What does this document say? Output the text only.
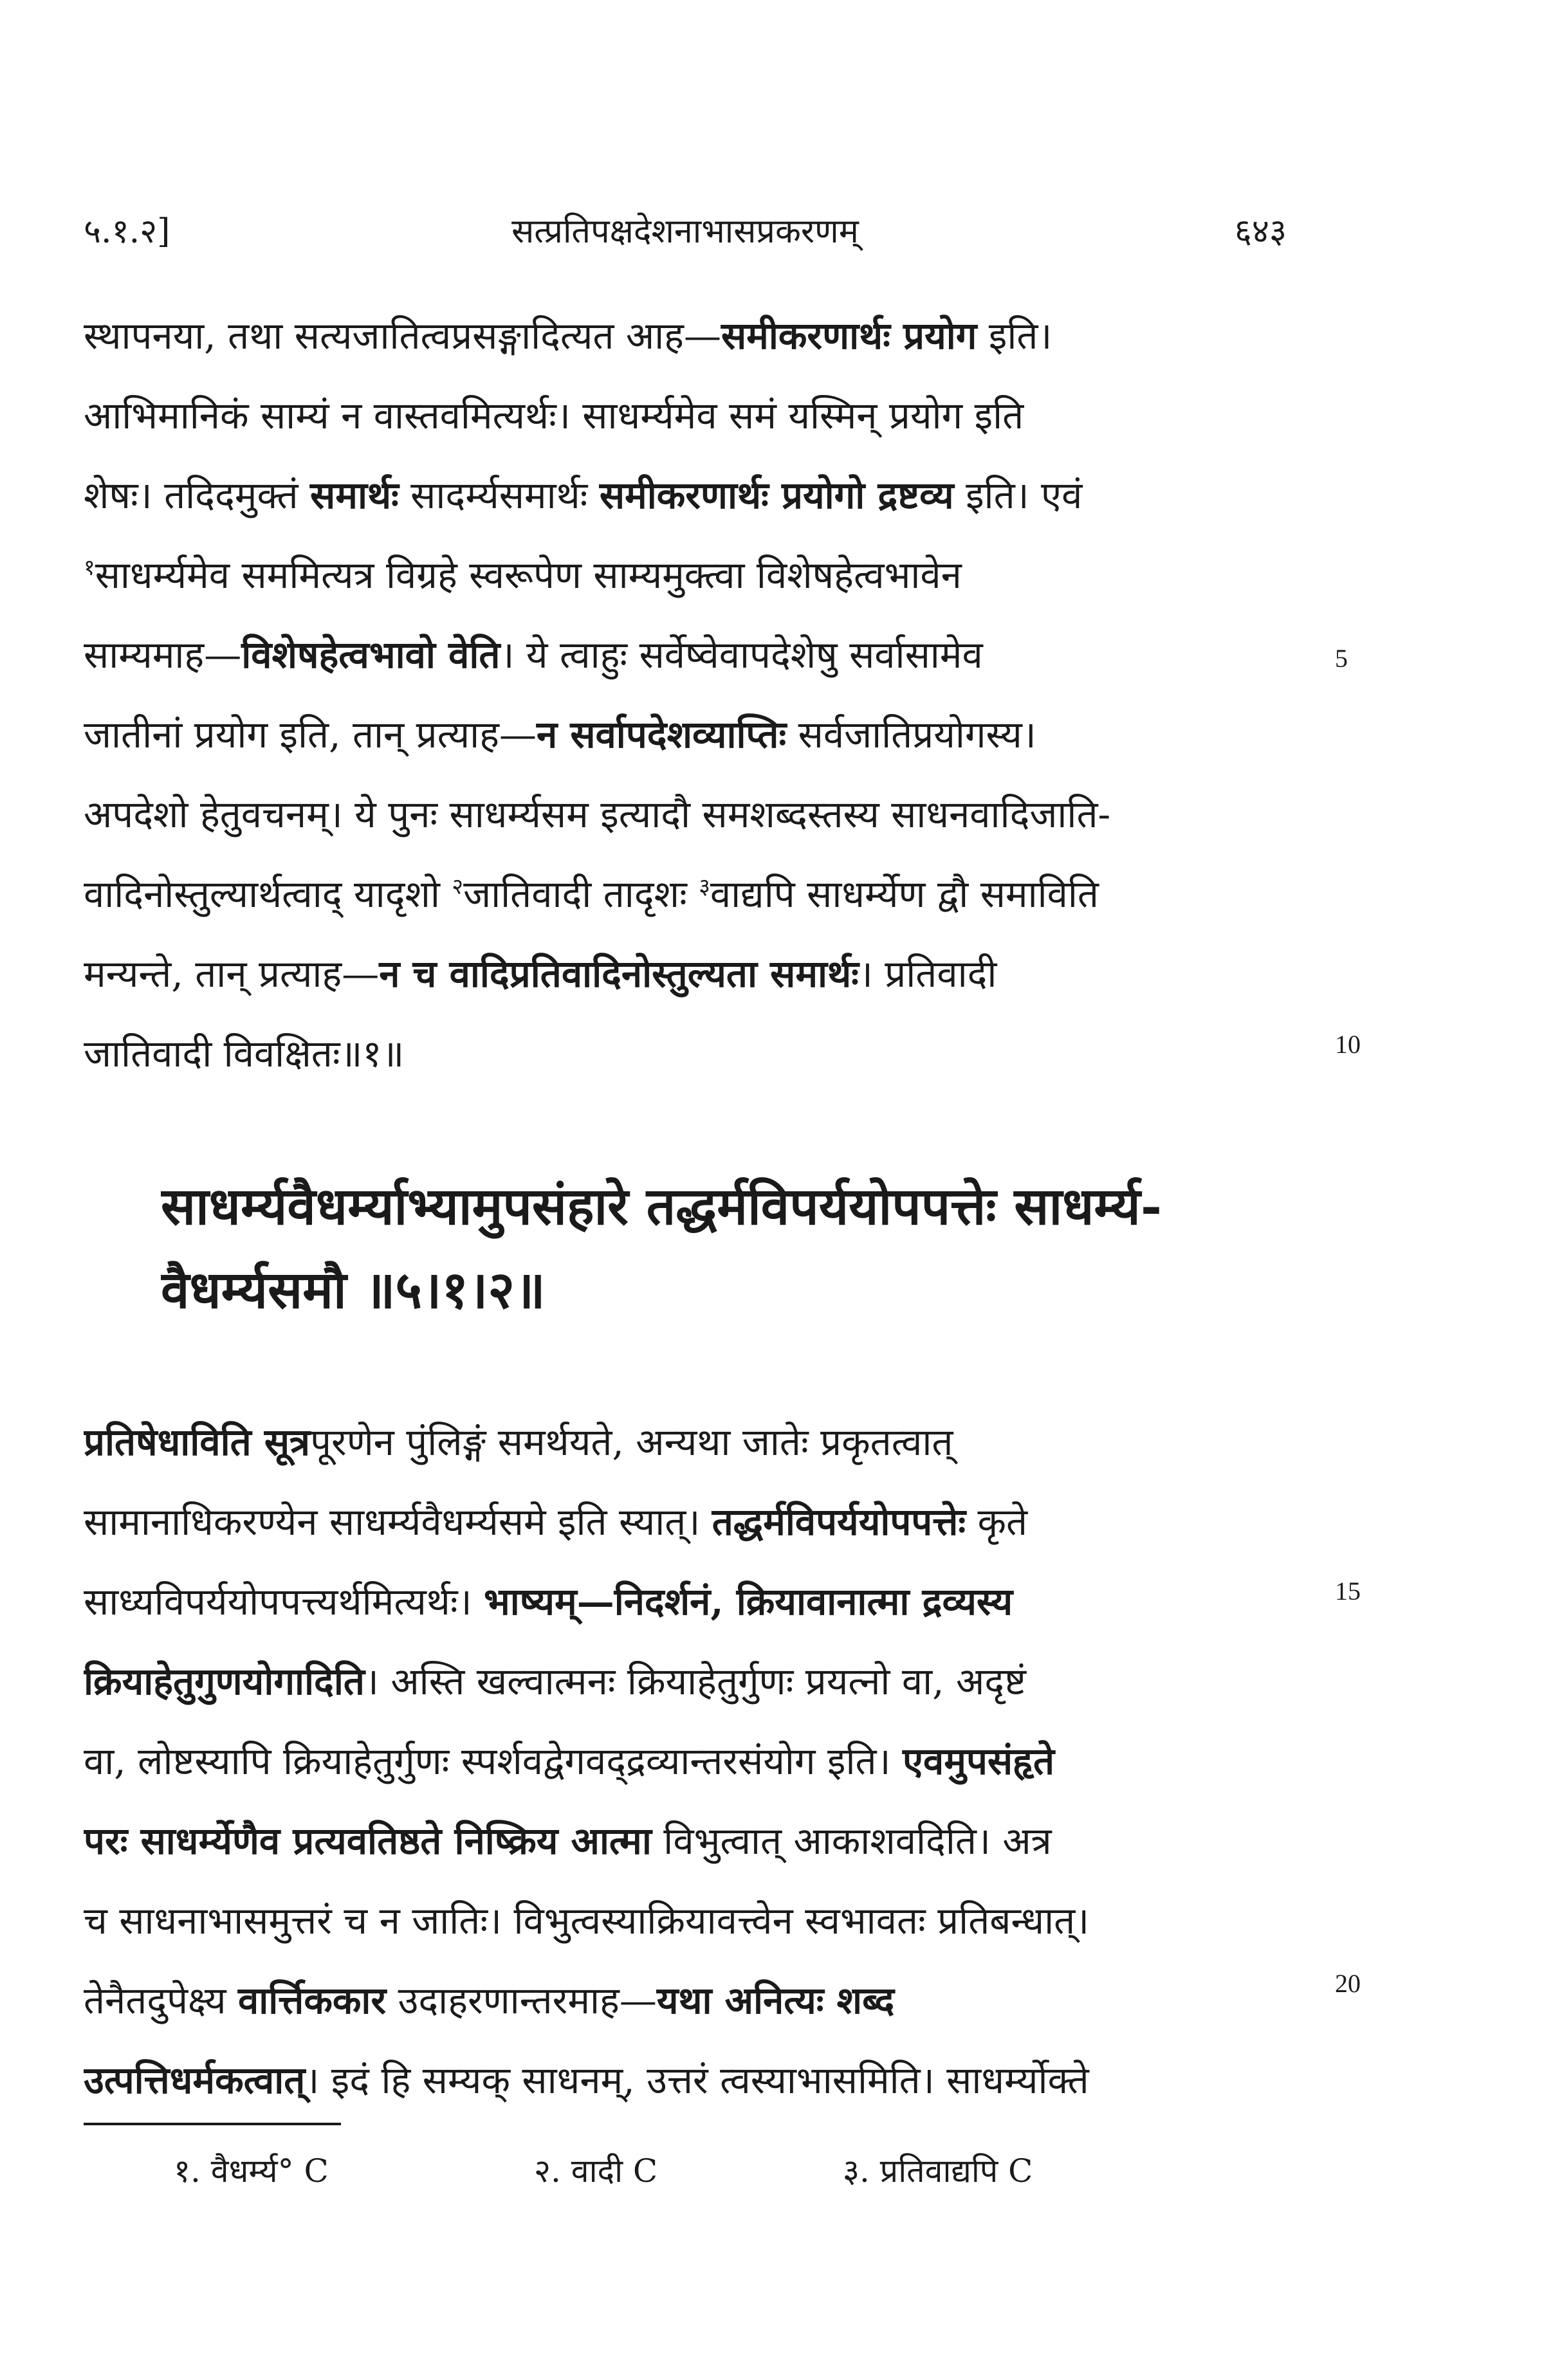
५.१.२]	सत्प्रतिपक्षदेशनाभासप्रकरणम्	६४३
स्थापनया, तथा सत्यजातित्वप्रसङ्गादित्यत आह—समीकरणार्थः प्रयोग इति।
आभिमानिकं साम्यं न वास्तवमित्यर्थः। साधर्म्यमेव समं यस्मिन् प्रयोग इति
शेषः। तदिदमुक्तं समार्थः सादर्म्यसमार्थः समीकरणार्थः प्रयोगो द्रष्टव्य इति। एवं
$^१$साधर्म्यमेव सममित्यत्र विग्रहे स्वरूपेण साम्यमुक्त्वा विशेषहेत्वभावेन
साम्यमाह—विशेषहेत्वभावो वेति। ये त्वाहुः सर्वेष्वेवापदेशेषु सर्वासामेव
जातीनां प्रयोग इति, तान् प्रत्याह—न सर्वापदेशव्याप्तिः सर्वजातिप्रयोगस्य।
अपदेशो हेतुवचनम्। ये पुनः साधर्म्यसम इत्यादौ समशब्दस्तस्य साधनवादिजाति-
वादिनोस्तुल्यार्थत्वाद् यादृशो $^२$जातिवादी तादृशः $^३$वाद्यपि साधर्म्येण द्वौ समाविति
मन्यन्ते, तान् प्रत्याह—न च वादिप्रतिवादिनोस्तुल्यता समार्थः। प्रतिवादी
जातिवादी विवक्षितः॥१॥
साधर्म्यवैधर्म्याभ्यामुपसंहारे तद्धर्मविपर्ययोपपत्तेः साधर्म्य-
वैधर्म्यसमौ ॥५।१।२॥
प्रतिषेधाविति सूत्रपूरणेन पुंलिङ्गं समर्थयते, अन्यथा जातेः प्रकृतत्वात्
सामानाधिकरण्येन साधर्म्यवैधर्म्यसमे इति स्यात्। तद्धर्मविपर्ययोपपत्तेः कृते
साध्यविपर्ययोपपत्त्यर्थमित्यर्थः। भाष्यम्—निदर्शनं, क्रियावानात्मा द्रव्यस्य
क्रियाहेतुगुणयोगादिति। अस्ति खल्वात्मनः क्रियाहेतुर्गुणः प्रयत्नो वा, अदृष्टं
वा, लोष्टस्यापि क्रियाहेतुर्गुणः स्पर्शवद्वेगवद्द्रव्यान्तरसंयोग इति। एवमुपसंहृते
परः साधर्म्येणैव प्रत्यवतिष्ठते निष्क्रिय आत्मा विभुत्वात् आकाशवदिति। अत्र
च साधनाभासमुत्तरं च न जातिः। विभुत्वस्याक्रियावत्त्वेन स्वभावतः प्रतिबन्धात्।
तेनैतदुपेक्ष्य वार्त्तिककार उदाहरणान्तरमाह—यथा अनित्यः शब्द
उत्पत्तिधर्मकत्वात्। इदं हि सम्यक् साधनम्, उत्तरं त्वस्याभासमिति। साधर्म्योक्ते
5
10
15
20
१. वैधर्म्य° C	२. वादी C	३. प्रतिवाद्यपि C
